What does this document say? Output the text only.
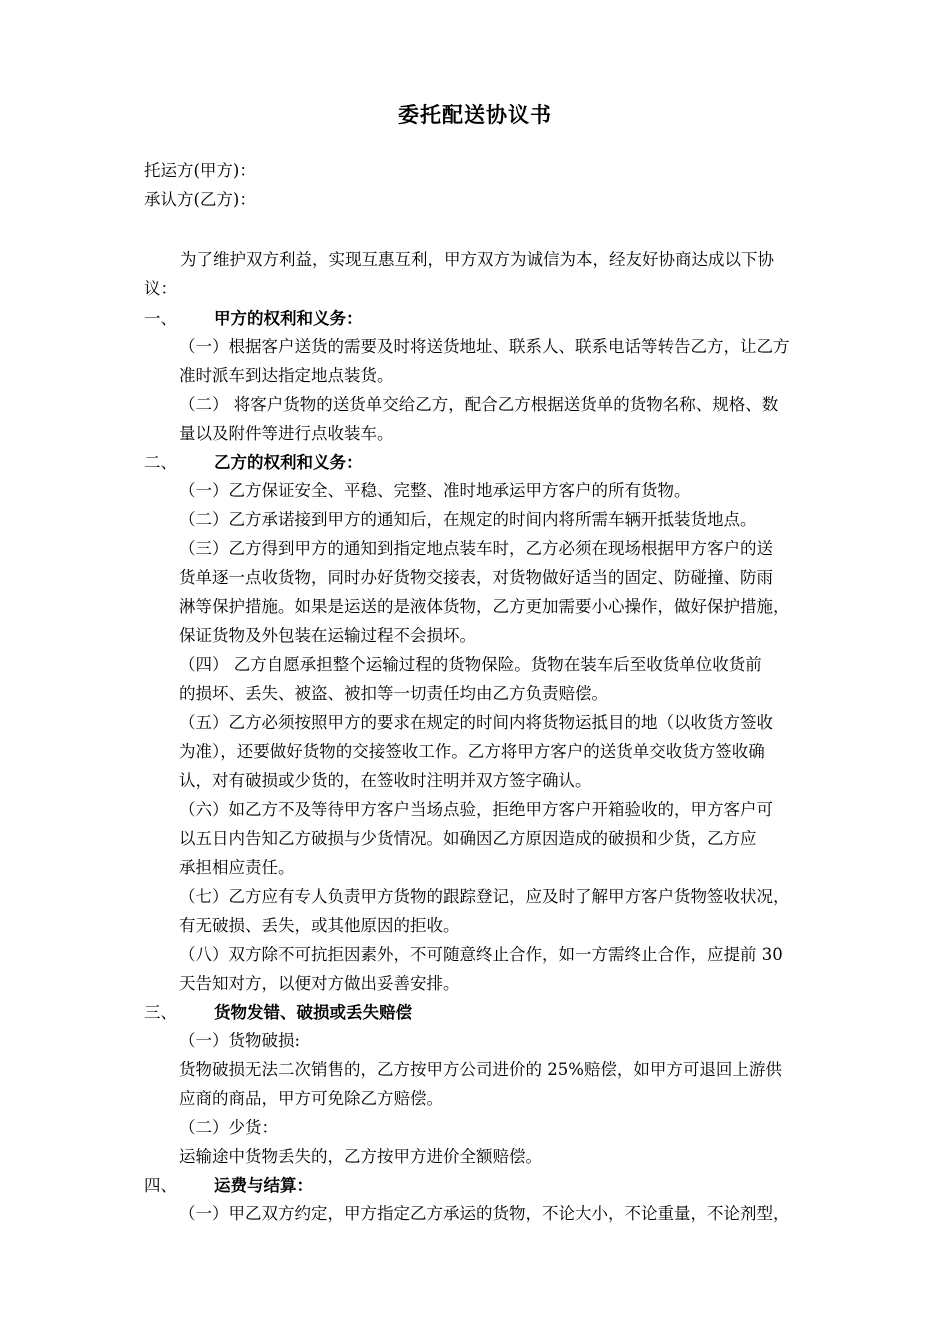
委托配送协议书
托运方(甲方)：
承认方(乙方)：
为了维护双方利益，实现互惠互利，甲方双方为诚信为本，经友好协商达成以下协
议：
一、 甲方的权利和义务：
（一）根据客户送货的需要及时将送货地址、联系人、联系电话等转告乙方，让乙方
准时派车到达指定地点装货。
（二） 将客户货物的送货单交给乙方，配合乙方根据送货单的货物名称、规格、数
量以及附件等进行点收装车。
二、 乙方的权利和义务：
（一）乙方保证安全、平稳、完整、准时地承运甲方客户的所有货物。
（二）乙方承诺接到甲方的通知后，在规定的时间内将所需车辆开抵装货地点。
（三）乙方得到甲方的通知到指定地点装车时，乙方必须在现场根据甲方客户的送
货单逐一点收货物，同时办好货物交接表，对货物做好适当的固定、防碰撞、防雨
淋等保护措施。如果是运送的是液体货物，乙方更加需要小心操作，做好保护措施，
保证货物及外包装在运输过程不会损坏。
（四） 乙方自愿承担整个运输过程的货物保险。货物在装车后至收货单位收货前
的损坏、丢失、被盗、被扣等一切责任均由乙方负责赔偿。
（五）乙方必须按照甲方的要求在规定的时间内将货物运抵目的地（以收货方签收
为准），还要做好货物的交接签收工作。乙方将甲方客户的送货单交收货方签收确
认，对有破损或少货的，在签收时注明并双方签字确认。
（六）如乙方不及等待甲方客户当场点验，拒绝甲方客户开箱验收的，甲方客户可
以五日内告知乙方破损与少货情况。如确因乙方原因造成的破损和少货，乙方应
承担相应责任。
（七）乙方应有专人负责甲方货物的跟踪登记，应及时了解甲方客户货物签收状况，
有无破损、丢失，或其他原因的拒收。
（八）双方除不可抗拒因素外，不可随意终止合作，如一方需终止合作，应提前 30
天告知对方，以便对方做出妥善安排。
三、 货物发错、破损或丢失赔偿
（一）货物破损:
货物破损无法二次销售的，乙方按甲方公司进价的 25%赔偿，如甲方可退回上游供
应商的商品，甲方可免除乙方赔偿。
（二）少货：
运输途中货物丢失的，乙方按甲方进价全额赔偿。
四、 运费与结算：
（一）甲乙双方约定，甲方指定乙方承运的货物，不论大小，不论重量，不论剂型，
